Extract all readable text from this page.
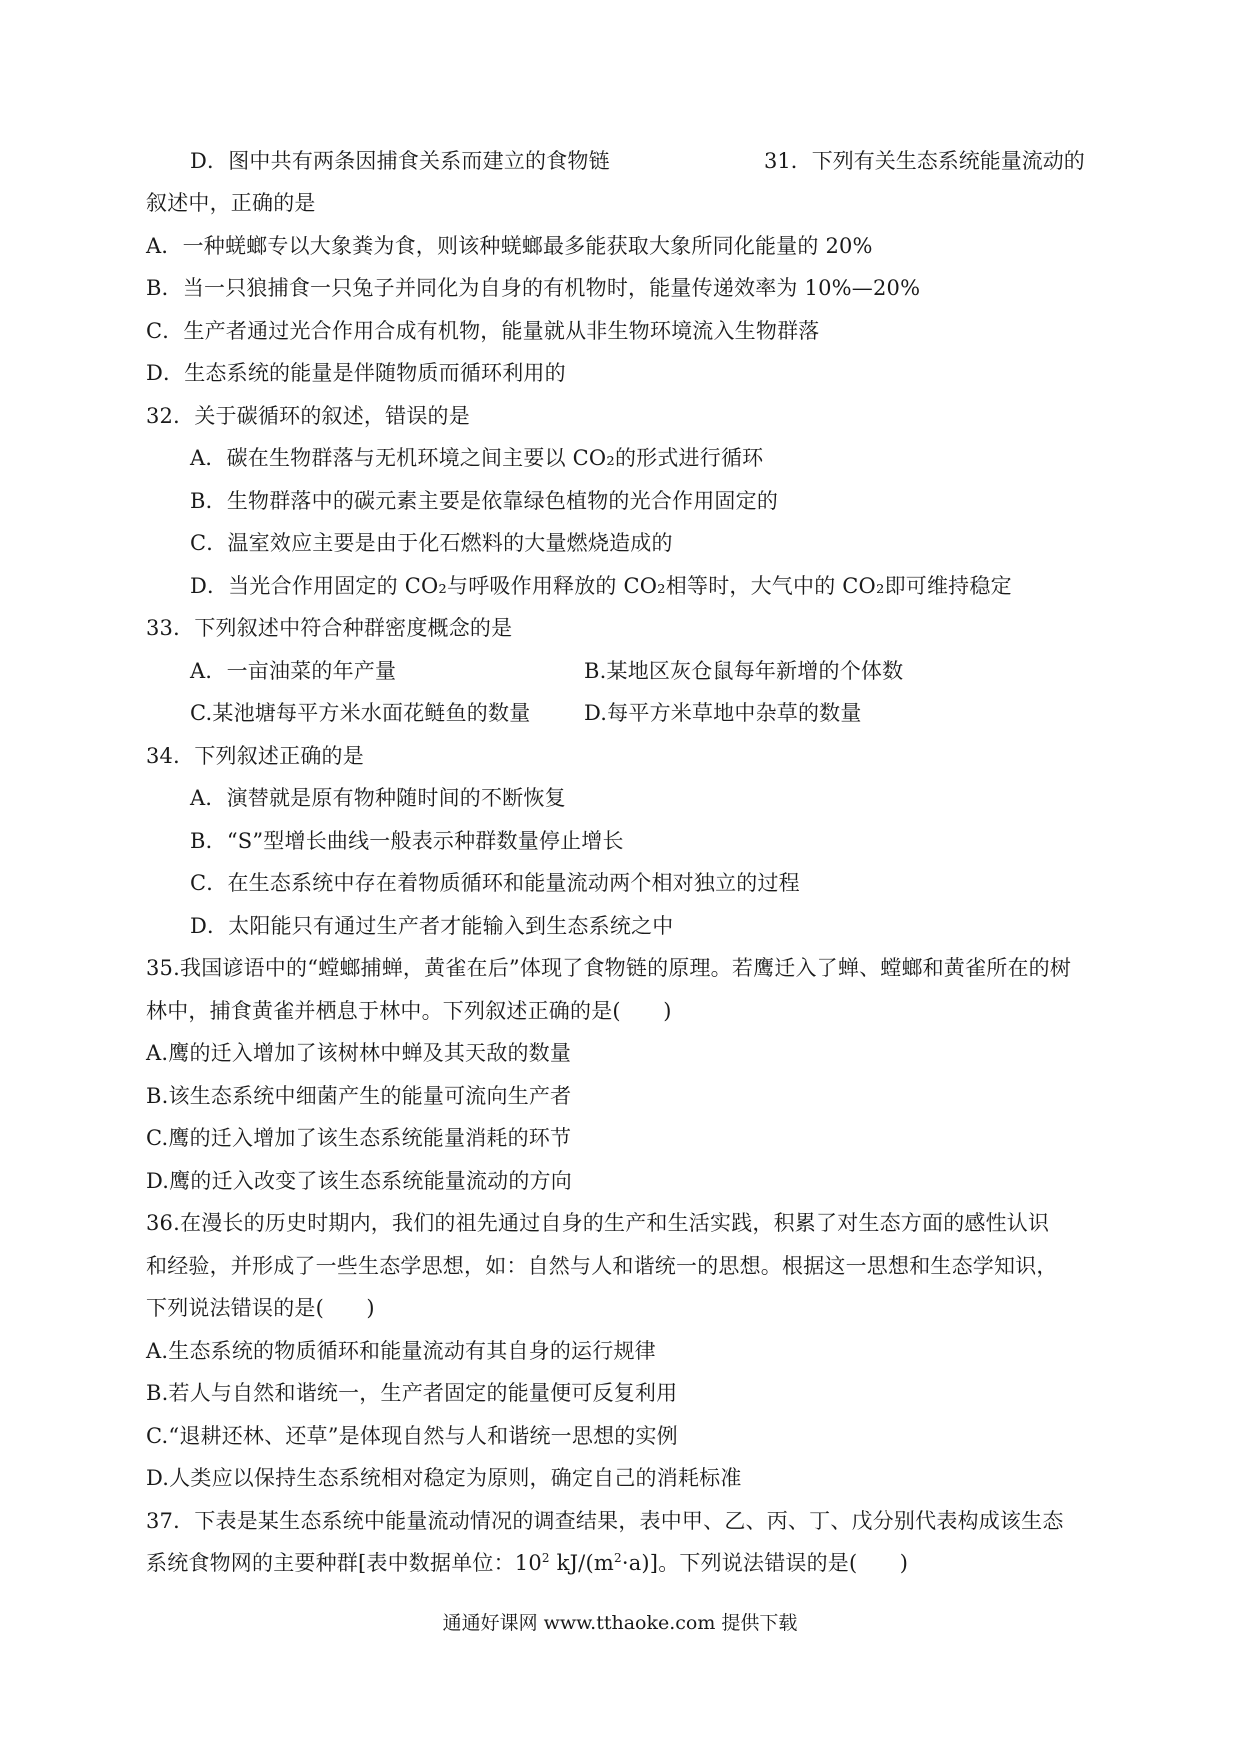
D．图中共有两条因捕食关系而建立的食物链	31．下列有关生态系统能量流动的
叙述中，正确的是
A．一种蜣螂专以大象粪为食，则该种蜣螂最多能获取大象所同化能量的 20%
B．当一只狼捕食一只兔子并同化为自身的有机物时，能量传递效率为 10%—20%
C．生产者通过光合作用合成有机物，能量就从非生物环境流入生物群落
D．生态系统的能量是伴随物质而循环利用的
32．关于碳循环的叙述，错误的是
A．碳在生物群落与无机环境之间主要以 CO₂的形式进行循环
B．生物群落中的碳元素主要是依靠绿色植物的光合作用固定的
C．温室效应主要是由于化石燃料的大量燃烧造成的
D．当光合作用固定的 CO₂与呼吸作用释放的 CO₂相等时，大气中的 CO₂即可维持稳定
33．下列叙述中符合种群密度概念的是
A．一亩油菜的年产量	B.某地区灰仓鼠每年新增的个体数
C.某池塘每平方米水面花鲢鱼的数量	D.每平方米草地中杂草的数量
34．下列叙述正确的是
A．演替就是原有物种随时间的不断恢复
B．“S”型增长曲线一般表示种群数量停止增长
C．在生态系统中存在着物质循环和能量流动两个相对独立的过程
D．太阳能只有通过生产者才能输入到生态系统之中
35.我国谚语中的“螳螂捕蝉，黄雀在后”体现了食物链的原理。若鹰迁入了蝉、螳螂和黄雀所在的树
林中，捕食黄雀并栖息于林中。下列叙述正确的是(　　)
A.鹰的迁入增加了该树林中蝉及其天敌的数量
B.该生态系统中细菌产生的能量可流向生产者
C.鹰的迁入增加了该生态系统能量消耗的环节
D.鹰的迁入改变了该生态系统能量流动的方向
36.在漫长的历史时期内，我们的祖先通过自身的生产和生活实践，积累了对生态方面的感性认识
和经验，并形成了一些生态学思想，如：自然与人和谐统一的思想。根据这一思想和生态学知识，
下列说法错误的是(　　)
A.生态系统的物质循环和能量流动有其自身的运行规律
B.若人与自然和谐统一，生产者固定的能量便可反复利用
C.“退耕还林、还草”是体现自然与人和谐统一思想的实例
D.人类应以保持生态系统相对稳定为原则，确定自己的消耗标准
37．下表是某生态系统中能量流动情况的调查结果，表中甲、乙、丙、丁、戊分别代表构成该生态
系统食物网的主要种群[表中数据单位：$10^2$ $kJ/(m^2\cdot a)$]。下列说法错误的是(　　)
通通好课网 www.tthaoke.com 提供下载
